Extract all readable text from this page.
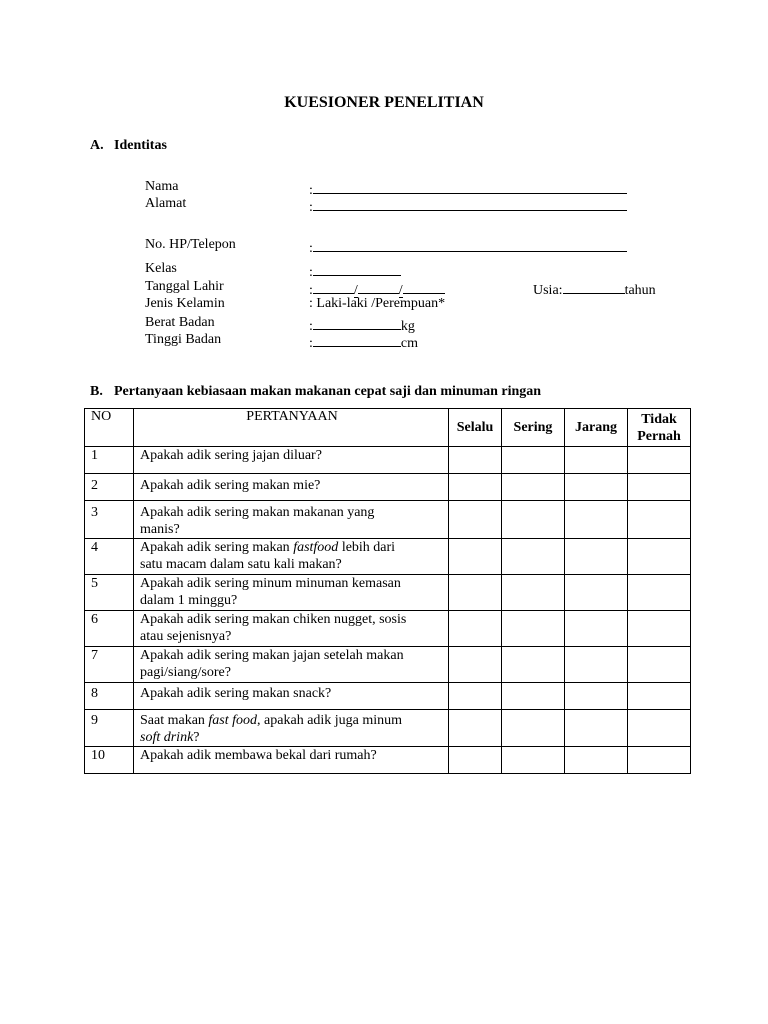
KUESIONER PENELITIAN
A. Identitas
Nama	:
Alamat	:
No. HP/Telepon	:
Kelas	:
Tanggal Lahir	:	/	/	Usia:	tahun
Jenis Kelamin	: Laki-laki /Perempuan*
Berat Badan	:	kg
Tinggi Badan	:	cm
B. Pertanyaan kebiasaan makan makanan cepat saji dan minuman ringan
NO	PERTANYAAN	Selalu	Sering	Jarang	Tidak
Pernah
1	Apakah adik sering jajan diluar?				
2	Apakah adik sering makan mie?				
3	Apakah adik sering makan makanan yang
manis?				
4	Apakah adik sering makan fastfood lebih dari
satu macam dalam satu kali makan?				
5	Apakah adik sering minum minuman kemasan
dalam 1 minggu?				
6	Apakah adik sering makan chiken nugget, sosis
atau sejenisnya?				
7	Apakah adik sering makan jajan setelah makan
pagi/siang/sore?				
8	Apakah adik sering makan snack?				
9	Saat makan fast food, apakah adik juga minum
soft drink?				
10	Apakah adik membawa bekal dari rumah?				
